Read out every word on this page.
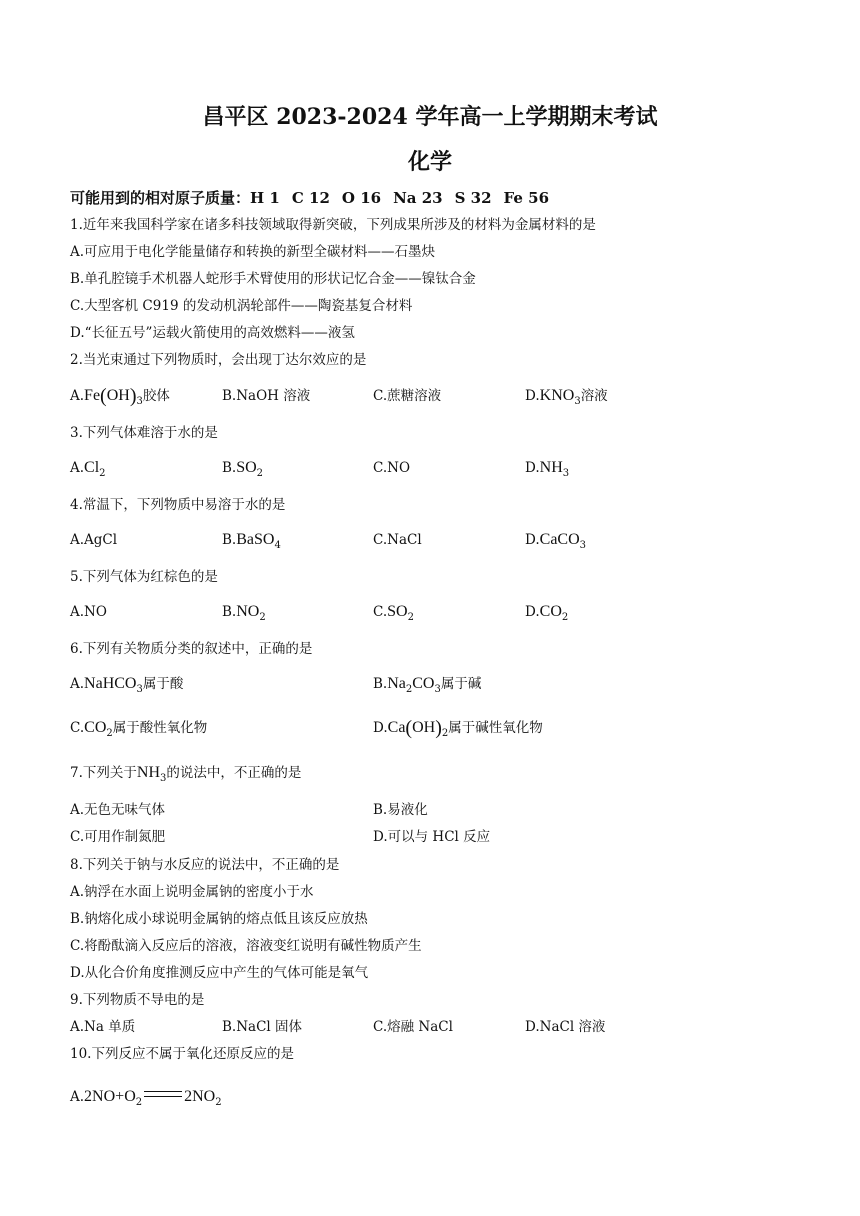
昌平区 2023-2024 学年高一上学期期末考试
化学
可能用到的相对原子质量：H 1 C 12 O 16 Na 23 S 32 Fe 56
1.近年来我国科学家在诸多科技领域取得新突破，下列成果所涉及的材料为金属材料的是
A.可应用于电化学能量储存和转换的新型全碳材料——石墨炔
B.单孔腔镜手术机器人蛇形手术臂使用的形状记忆合金——镍钛合金
C.大型客机 C919 的发动机涡轮部件——陶瓷基复合材料
D.“长征五号”运载火箭使用的高效燃料——液氢
2.当光束通过下列物质时，会出现丁达尔效应的是
$A.Fe(OH)_3$胶体	B.NaOH 溶液	C.蔗糖溶液	$D.KNO_3$溶液
3.下列气体难溶于水的是
$A.Cl_2$	$B.SO_2$	C.NO	$D.NH_3$
4.常温下，下列物质中易溶于水的是
A.AgCl	B.BaSO$_4$	C.NaCl	D.CaCO$_3$
5.下列气体为红棕色的是
A.NO	$B.NO_2$	$C.SO_2$	$D.CO_2$
6.下列有关物质分类的叙述中，正确的是
A.NaHCO$_3$属于酸	$B.Na_2CO_3$属于碱
$C.CO_2$属于酸性氧化物	$D.Ca(OH)_2$属于碱性氧化物
7.下列关于$NH_3$的说法中，不正确的是
A.无色无味气体	B.易液化
C.可用作制氮肥	D.可以与 HCl 反应
8.下列关于钠与水反应的说法中，不正确的是
A.钠浮在水面上说明金属钠的密度小于水
B.钠熔化成小球说明金属钠的熔点低且该反应放热
C.将酚酞滴入反应后的溶液，溶液变红说明有碱性物质产生
D.从化合价角度推测反应中产生的气体可能是氧气
9.下列物质不导电的是
A.Na 单质	B.NaCl 固体	C.熔融 NaCl	D.NaCl 溶液
10.下列反应不属于氧化还原反应的是
$A.2NO+O_2$	$2NO_2$
